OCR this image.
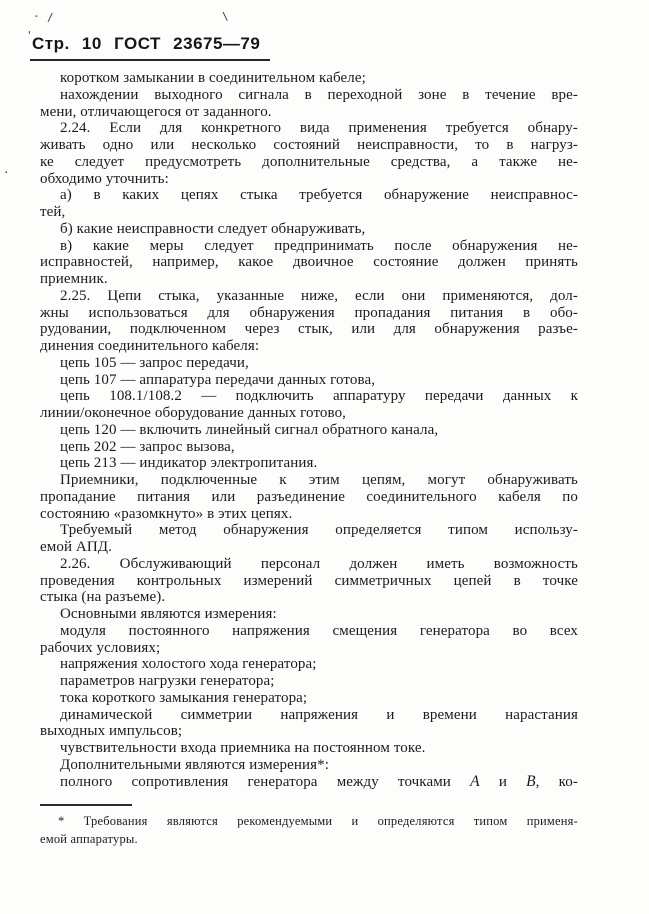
- /	\
.
' Стр. 10 ГОСТ 23675—79
коротком замыкании в соединительном кабеле;
нахождении выходного сигнала в переходной зоне в течение вре-
мени, отличающегося от заданного.
2.24. Если для конкретного вида применения требуется обнару-
живать одно или несколько состояний неисправности, то в нагруз-
ке следует предусмотреть дополнительные средства, а также не-
обходимо уточнить:
а) в каких цепях стыка требуется обнаружение неисправнос-
тей,
б) какие неисправности следует обнаруживать,
в) какие меры следует предпринимать после обнаружения не-
исправностей, например, какое двоичное состояние должен принять
приемник.
2.25. Цепи стыка, указанные ниже, если они применяются, дол-
жны использоваться для обнаружения пропадания питания в обо-
рудовании, подключенном через стык, или для обнаружения разъе-
динения соединительного кабеля:
цепь 105 — запрос передачи,
цепь 107 — аппаратура передачи данных готова,
цепь 108.1/108.2 — подключить аппаратуру передачи данных к
линии/оконечное оборудование данных готово,
цепь 120 — включить линейный сигнал обратного канала,
цепь 202 — запрос вызова,
цепь 213 — индикатор электропитания.
Приемники, подключенные к этим цепям, могут обнаруживать
пропадание питания или разъединение соединительного кабеля по
состоянию «разомкнуто» в этих цепях.
Требуемый метод обнаружения определяется типом использу-
емой АПД.
2.26. Обслуживающий персонал должен иметь возможность
проведения контрольных измерений симметричных цепей в точке
стыка (на разъеме).
Основными являются измерения:
модуля постоянного напряжения смещения генератора во всех
рабочих условиях;
напряжения холостого хода генератора;
параметров нагрузки генератора;
тока короткого замыкания генератора;
динамической симметрии напряжения и времени нарастания
выходных импульсов;
чувствительности входа приемника на постоянном токе.
Дополнительными являются измерения*:
полного сопротивления генератора между точками А и В, ко-
* Требования являются рекомендуемыми и определяются типом применя-
емой аппаратуры.
